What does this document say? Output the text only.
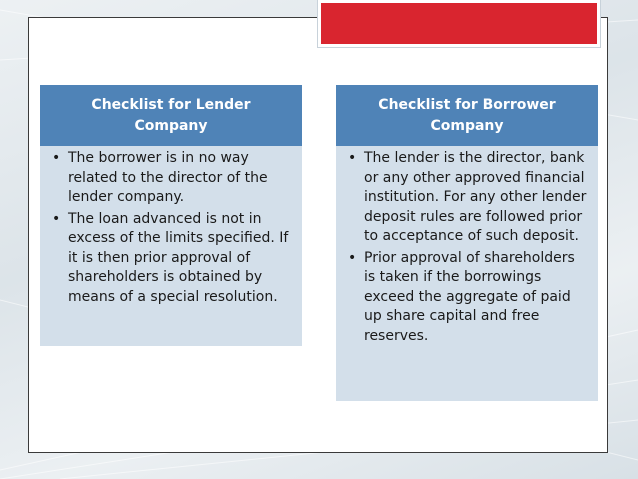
Checklist for Lender Company
• The borrower is in no way related to the director of the lender company.
• The loan advanced is not in excess of the limits specified. If it is then prior approval of shareholders is obtained by means of a special resolution.
Checklist for Borrower Company
• The lender is the director, bank or any other approved financial institution. For any other lender deposit rules are followed prior to acceptance of such deposit.
• Prior approval of shareholders is taken if the borrowings exceed the aggregate of paid up share capital and free reserves.
